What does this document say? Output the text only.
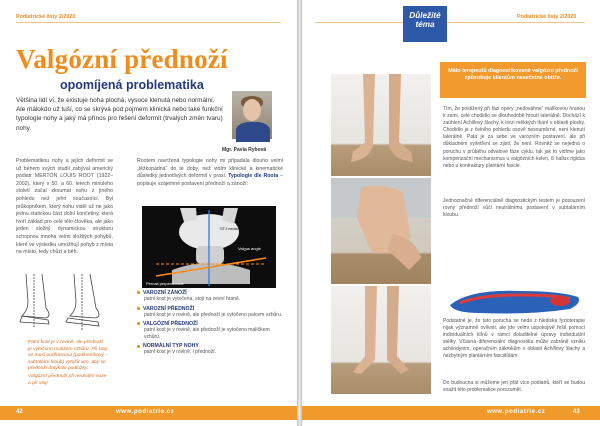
Podiatrické listy 2/2020
Valgózní přednoží
opomíjená problematika
Většina lidí ví, že existuje noha plochá, vysoce klenutá nebo normální. Ale málokdo už tuší, co se skrývá pod pojmem klinická nebo také funkční typologie nohy a jaký má přínos pro řešení deformit (trvalých změn tvaru) nohy.
Mgr. Pavla Rybová
Problematikou nohy a jejích deformit se už během svých studií zabýval americký podiatr MERTON LOUIS ROOT (1922–2002), který v 50. a 60. letech minulého století začal zkoumat nohu z jiného pohledu než jeho současníci. Byl průkopníkem, který nohu viděl už ne jako jednu statickou část dolní končetiny, která tvoří základ pro celé tělo člověka, ale jako jeden složitý dynamickou strukturu schopnou mnoha velmi složitých pohybů, které ve výsledku umožňují pohyb z místa na místo, tedy chůzi a běh.
Rootem navržená typologie nohy mi připadala dlouho velmi „těžkopádná“ do té doby, než vidím klinické a kinematické důsledky jednotlivých deformit v praxi. Typologie dle Roota – popisuje vzájemné postavení přednoží a zánoží:
STJ neutral
Valgus angle
Pernail perpendicular

Patní kost je v rovině, ale přednoží je vytočeno malíkem vzhůru. Při stoji se musí podhasnout (podkotníkový – subtalární kloub) vytočit ven, aby se přednoží dotýkalo podložky.

Valgózní přednoží při neutrální noze a při stoji

VAROZNÍ ZÁNOŽÍ
patní kost je vytočena, stojí na zevní hraně.
VAROZNÍ PŘEDNOŽÍ
patní kost je v rovině, ale přednoží je vytočeno palcem vzhůru.
VALGÓZNÍ PŘEDNOŽÍ
patní kost je v rovině, ale přednoží je vytočeno malíčkem vzhůru.
NORMÁLNÍ TYP NOHY
patní kost je v rovině, i přednoží.
42	www.podiatrie.cz
Podiatrické listy 2/2020
www.podiatrie.cz	43
Důležité
téma
Málo terapeutů diagnostikované valgózní přednoží způsobuje klientům nesečetné obtíže.
Tím, že postižený při fázi opory „nedosáhne“ malíkovou hranou k zemi, celé chodidlo se dlouhodobě hroutí laterálně. Dochází k zaúhlení Achillovy šlachy, k torzi měkkých tkání v oblasti plosky. Chodidlo je z čelního pohledu osově nesouměrné, není klenutí laterálně. Pata je za sebe ve varózním postavení, ale při důkladném vyšetření se zjistí, že není. Rovněž se nejedná o poruchu v průběhu odvalové fáze cyklu, tak jak to vidíme jako kompenzační mechanismus u valgózních kolen, či hallux rigidus nebo u kontraktury plantární fascie.
Jednoznačné diferenciálně diagnostickým testem je posouzení rovny přednoží vůči neutrálnímu postavení v subtalárním kloubu.
Podstatné je, že tato porucha se nedá z hlediska fyzioterapie nijak významně ovlivnit, ale jde velmi uspokojivě řešit pomocí individuálních klínů v rámci doladitelné úpravy individuální stélky. Včasná diferenciální diagnostika může zabránit vzniku achilodynim, operačním zákrokům v oblasti Achillovy šlachy a nezbytným plantárním fasciitídám.
Do budoucna si můžeme jen přát více podiatrů, kteří se budou snažit této problematice porozumět.
